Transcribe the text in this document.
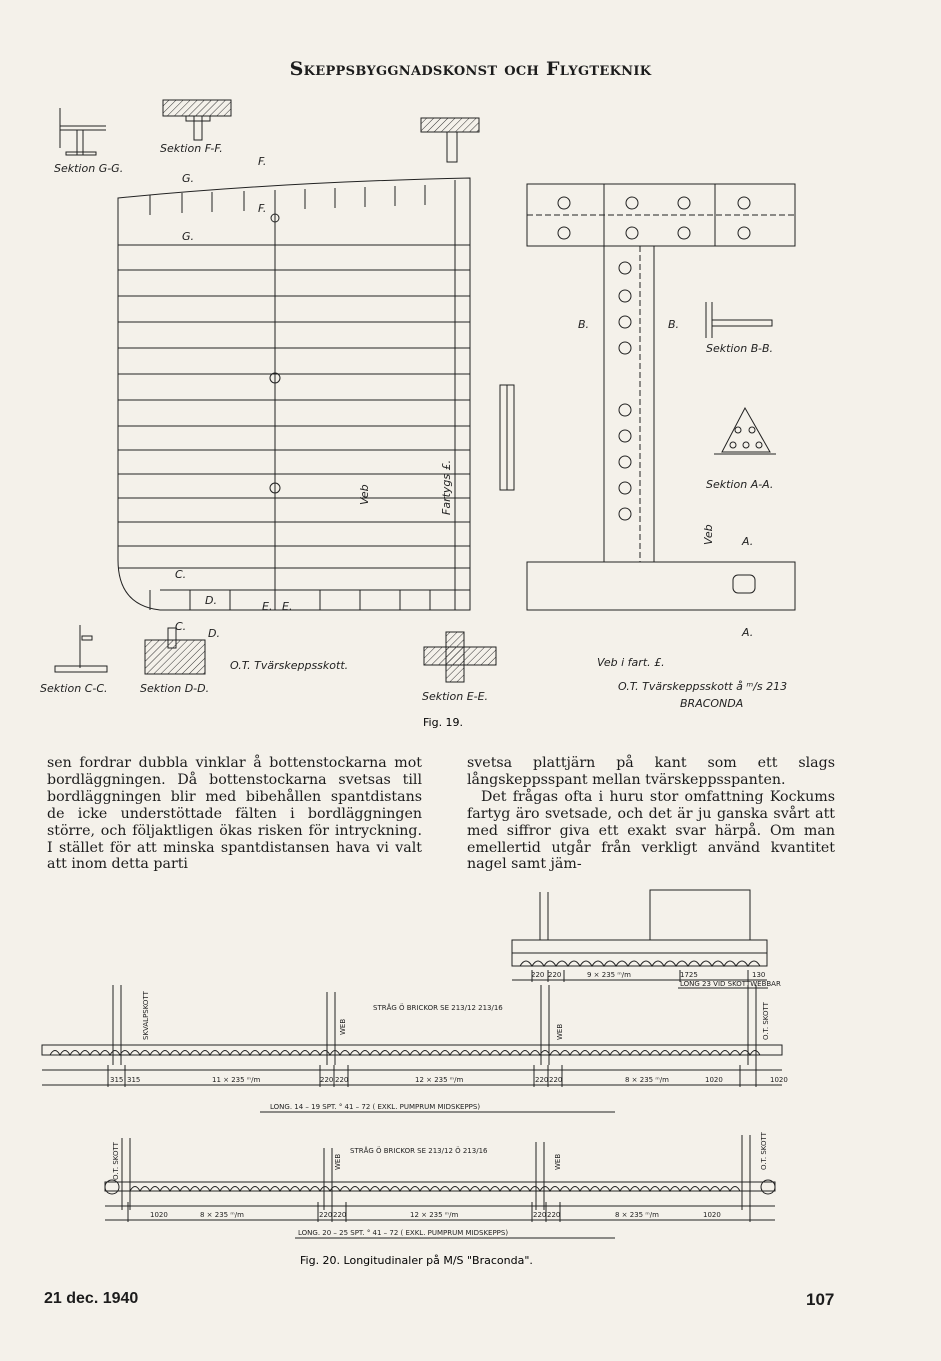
Skeppsbyggnadskonst och Flygteknik
Sektion G-G.
Sektion F-F.
F.
F.
G.
G.
C.
C.
D.
D.
E. E.
Sektion C-C.	Sektion D-D.
O.T. Tvärskeppsskott.
Sektion E-E.
B.	B.
Sektion B-B.
Sektion A-A.
A.
A.
Veb i fart. £.
O.T. Tvärskeppsskott å ᵐ/s 213
BRACONDA
Veb	Fartygs £.
Veb
Fig. 19.

sen fordrar dubbla vinklar å bottenstockarna mot bordläggningen. Då bottenstockarna svetsas till bordläggningen blir med bibehållen spantdistans de icke understöttade fälten i bordläggningen större, och följaktligen ökas risken för intryckning. I stället för att minska spantdistansen hava vi valt att inom detta parti

svetsa plattjärn på kant som ett slags långskeppsspant mellan tvärskeppsspanten.

Det frågas ofta i huru stor omfattning Kockums fartyg äro svetsade, och det är ju ganska svårt att med siffror giva ett exakt svar härpå. Om man emellertid utgår från verkligt använd kvantitet nagel samt jäm-

220 220	9 × 235 ᵐ/m	1725	130
LONG 23 VID SKOTTWEBBAR
STRÅG Ö BRICKOR SE 213/12 213/16
SKVALPSKOTT	WEB	WEB	O.T. SKOTT
315 315	11 × 235 ᵐ/m	220 220	12 × 235 ᵐ/m	220 220	8 × 235 ᵐ/m	1020	1020
LONG. 14 – 19 SPT. ° 41 – 72 ( EXKL. PUMPRUM MIDSKEPPS)
STRÅG Ö BRICKOR SE 213/12 Ö 213/16
O.T. SKOTT	WEB	WEB	O.T. SKOTT
1020	8 × 235 ᵐ/m	220 220	12 × 235 ᵐ/m	220 220	8 × 235 ᵐ/m	1020
LONG. 20 – 25 SPT. ° 41 – 72 ( EXKL. PUMPRUM MIDSKEPPS)
Fig. 20. Longitudinaler på M/S "Braconda".
21 dec. 1940	107
